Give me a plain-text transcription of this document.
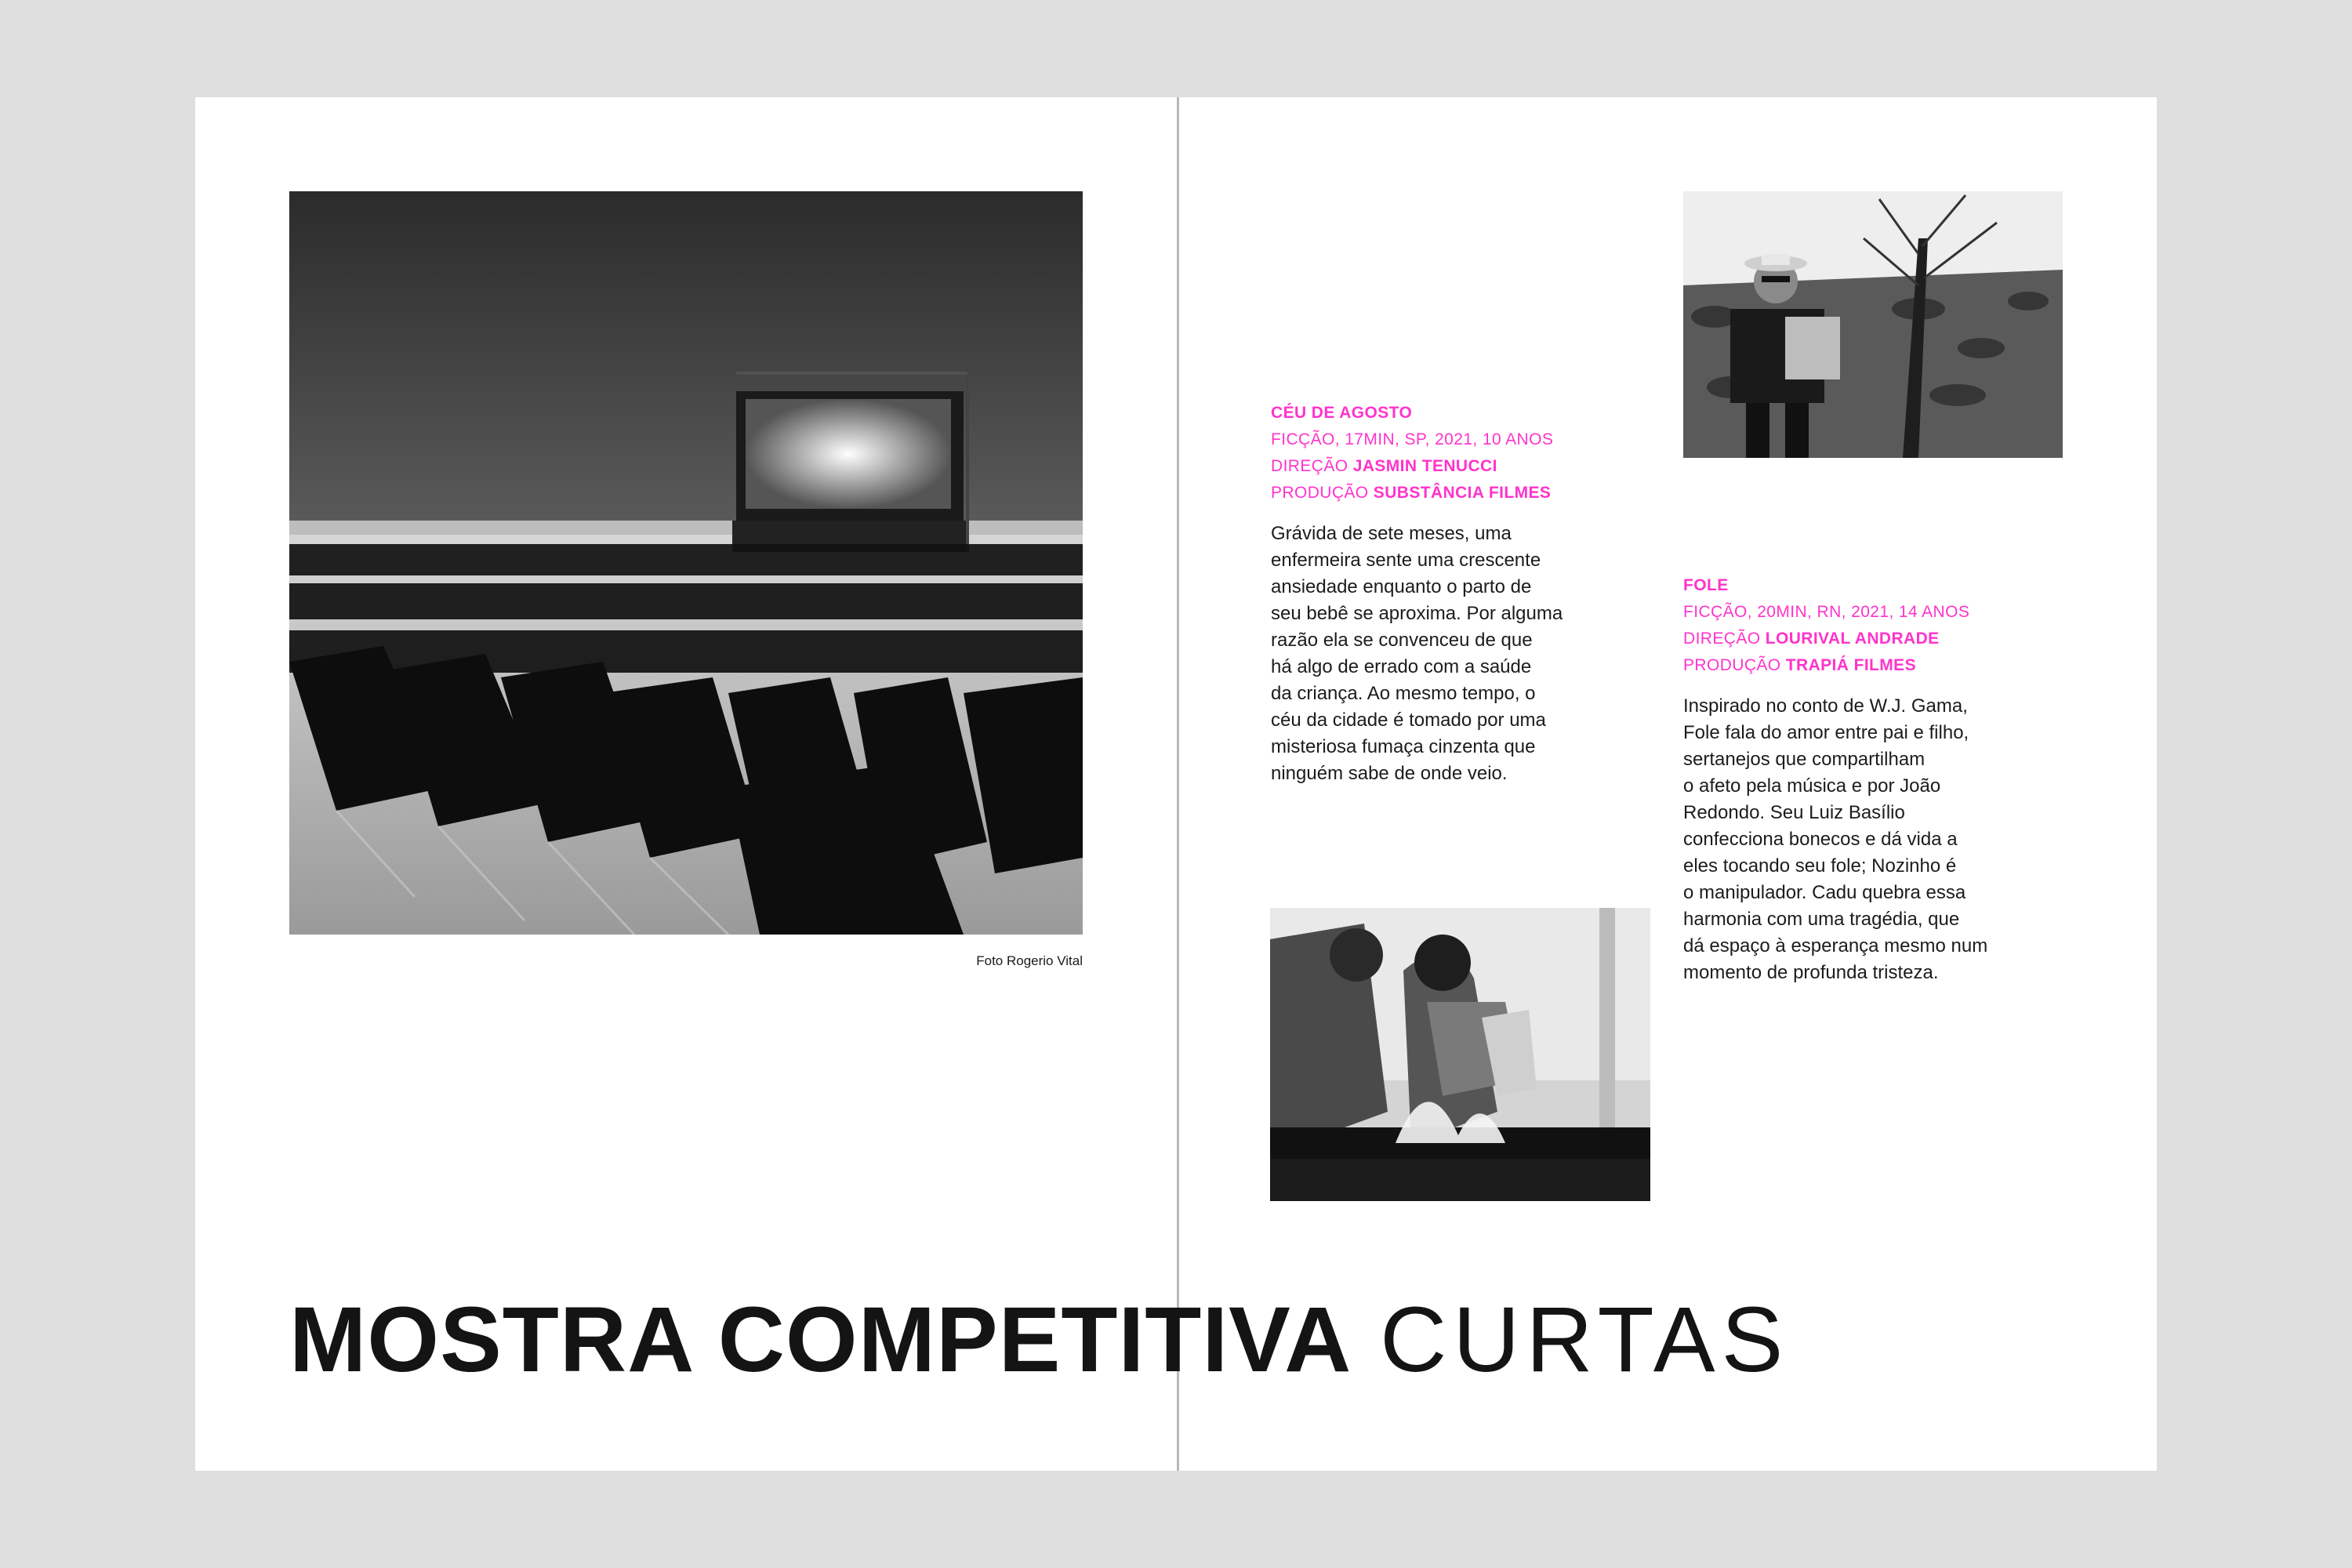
Foto Rogerio Vital
CÉU DE AGOSTO
FICÇÃO, 17MIN, SP, 2021, 10 ANOS
DIREÇÃO JASMIN TENUCCI
PRODUÇÃO SUBSTÂNCIA FILMES
Grávida de sete meses, uma
enfermeira sente uma crescente
ansiedade enquanto o parto de
seu bebê se aproxima. Por alguma
razão ela se convenceu de que
há algo de errado com a saúde
da criança. Ao mesmo tempo, o
céu da cidade é tomado por uma
misteriosa fumaça cinzenta que
ninguém sabe de onde veio.
FOLE
FICÇÃO, 20MIN, RN, 2021, 14 ANOS
DIREÇÃO LOURIVAL ANDRADE
PRODUÇÃO TRAPIÁ FILMES
Inspirado no conto de W.J. Gama,
Fole fala do amor entre pai e filho,
sertanejos que compartilham
o afeto pela música e por João
Redondo. Seu Luiz Basílio
confecciona bonecos e dá vida a
eles tocando seu fole; Nozinho é
o manipulador. Cadu quebra essa
harmonia com uma tragédia, que
dá espaço à esperança mesmo num
momento de profunda tristeza.
MOSTRA COMPETITIVA CURTAS
